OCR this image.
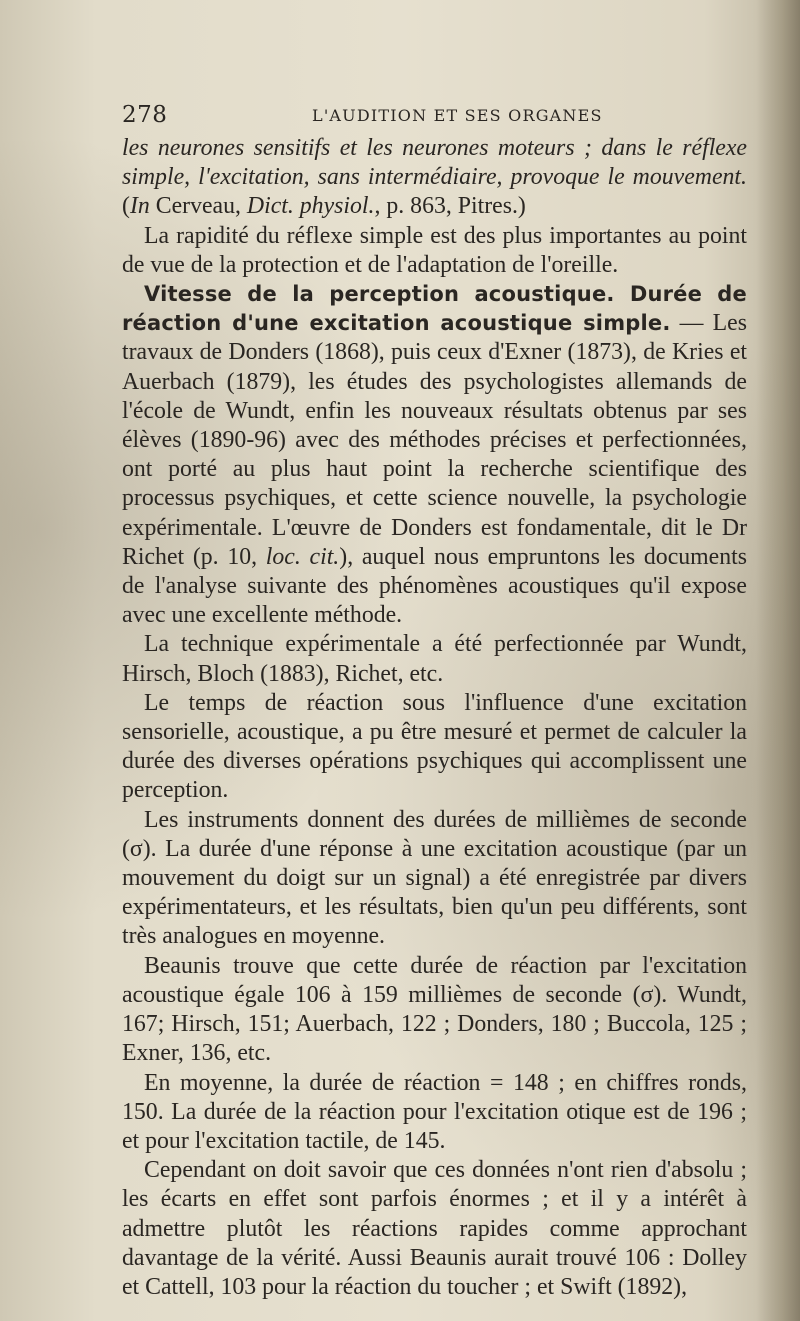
278	L'AUDITION ET SES ORGANES

les neurones sensitifs et les neurones moteurs ; dans le réflexe simple, l'excitation, sans intermédiaire, provoque le mouvement. (In Cerveau, Dict. physiol., p. 863, Pitres.)

La rapidité du réflexe simple est des plus importantes au point de vue de la protection et de l'adaptation de l'oreille.

Vitesse de la perception acoustique. Durée de réaction d'une excitation acoustique simple. — Les travaux de Donders (1868), puis ceux d'Exner (1873), de Kries et Auerbach (1879), les études des psychologistes allemands de l'école de Wundt, enfin les nouveaux résultats obtenus par ses élèves (1890-96) avec des méthodes précises et perfectionnées, ont porté au plus haut point la recherche scientifique des processus psychiques, et cette science nouvelle, la psychologie expérimentale. L'œuvre de Donders est fondamentale, dit le Dr Richet (p. 10, loc. cit.), auquel nous empruntons les documents de l'analyse suivante des phénomènes acoustiques qu'il expose avec une excellente méthode.

La technique expérimentale a été perfectionnée par Wundt, Hirsch, Bloch (1883), Richet, etc.

Le temps de réaction sous l'influence d'une excitation sensorielle, acoustique, a pu être mesuré et permet de calculer la durée des diverses opérations psychiques qui accomplissent une perception.

Les instruments donnent des durées de millièmes de seconde (σ). La durée d'une réponse à une excitation acoustique (par un mouvement du doigt sur un signal) a été enregistrée par divers expérimentateurs, et les résultats, bien qu'un peu différents, sont très analogues en moyenne.

Beaunis trouve que cette durée de réaction par l'excitation acoustique égale 106 à 159 millièmes de seconde (σ). Wundt, 167; Hirsch, 151; Auerbach, 122 ; Donders, 180 ; Buccola, 125 ; Exner, 136, etc.

En moyenne, la durée de réaction = 148 ; en chiffres ronds, 150. La durée de la réaction pour l'excitation otique est de 196 ; et pour l'excitation tactile, de 145.

Cependant on doit savoir que ces données n'ont rien d'absolu ; les écarts en effet sont parfois énormes ; et il y a intérêt à admettre plutôt les réactions rapides comme approchant davantage de la vérité. Aussi Beaunis aurait trouvé 106 : Dolley et Cattell, 103 pour la réaction du toucher ; et Swift (1892),
